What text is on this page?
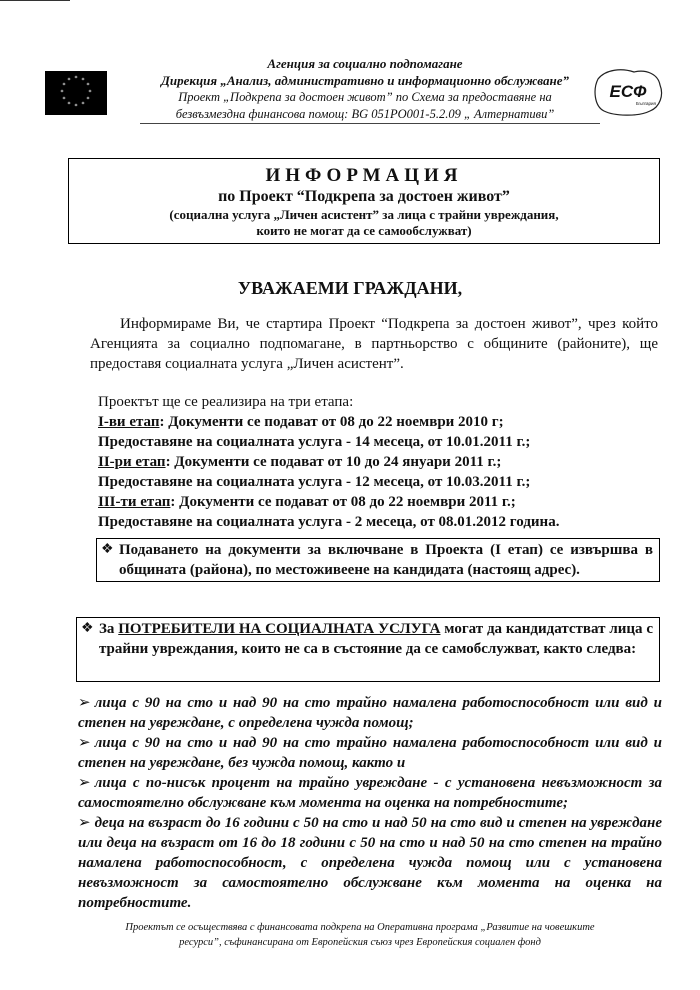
* *
*
*
*
*
*
*
*
*
*
*
Агенция за социално подпомагане
Дирекция „Анализ, административно и информационно обслужване”
Проект „Подкрепа за достоен живот” по Схема за предоставяне на
безвъзмездна финансова помощ: BG 051PO001-5.2.09 „ Алтернативи”
ЕСФ
България
ИНФОРМАЦИЯ
по Проект “Подкрепа за достоен живот”
(социална услуга „Личен асистент” за лица с трайни увреждания,
които не могат да се самообслужват)
УВАЖАЕМИ ГРАЖДАНИ,

Информираме Ви, че стартира Проект “Подкрепа за достоен живот”, чрез който Агенцията за социално подпомагане, в партньорство с общините (районите), ще предоставя социалната услуга „Личен асистент”.

Проектът ще се реализира на три етапа:
I-ви етап: Документи се подават от 08 до 22 ноември 2010 г;
Предоставяне на социалната услуга - 14 месеца, от 10.01.2011 г.;
II-ри етап: Документи се подават от 10 до 24 януари 2011 г.;
Предоставяне на социалната услуга - 12 месеца, от 10.03.2011 г.;
III-ти етап: Документи се подават от 08 до 22 ноември 2011 г.;
Предоставяне на социалната услуга - 2 месеца, от 08.01.2012 година.
❖ Подаването на документи за включване в Проекта (I етап) се извършва в общината (района), по местоживеене на кандидата (настоящ адрес).
❖ За ПОТРЕБИТЕЛИ НА СОЦИАЛНАТА УСЛУГА могат да кандидатстват лица с трайни увреждания, които не са в състояние да се самобслужват, както следва:
➢ лица с 90 на сто и над 90 на сто трайно намалена работоспособност или вид и степен на увреждане, с определена чужда помощ;
➢ лица с 90 на сто и над 90 на сто трайно намалена работоспособност или вид и степен на увреждане, без чужда помощ, както и
➢ лица с по-нисък процент на трайно увреждане - с установена невъзможност за самостоятелно обслужване към момента на оценка на потребностите;
➢ деца на възраст до 16 години с 50 на сто и над 50 на сто вид и степен на увреждане или деца на възраст от 16 до 18 години с 50 на сто и над 50 на сто степен на трайно намалена работоспособност, с определена чужда помощ или с установена невъзможност за самостоятелно обслужване към момента на оценка на потребностите.
Проектът се осъществява с финансовата подкрепа на Оперативна програма „Развитие на човешките
ресурси”, съфинансирана от Европейския съюз чрез Европейския социален фонд
